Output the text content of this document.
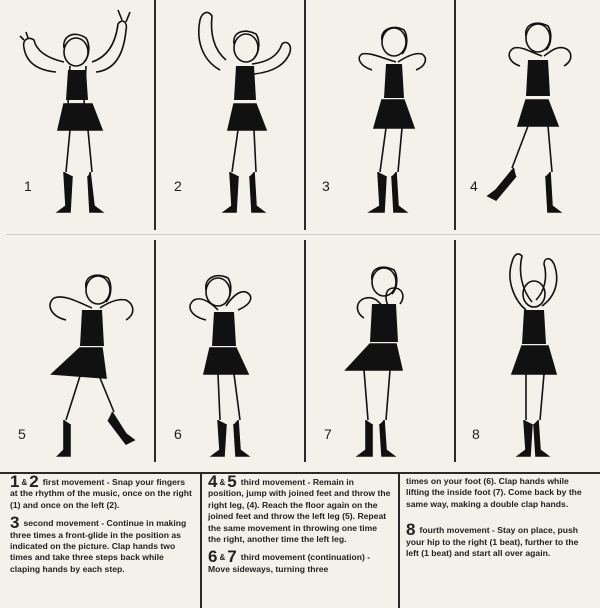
1	2	3	4
5	6	7	8
1 & 2 first movement - Snap your fingers at the rhythm of the music, once on the right (1) and once on the left (2).
3 second movement - Continue in making three times a front-glide in the position as indicated on the picture. Clap hands two times and take three steps back while claping hands by each step.
4 & 5 third movement - Remain in position, jump with joined feet and throw the right leg, (4). Reach the floor again on the joined feet and throw the left leg (5). Repeat the same movement in throwing one time the right, another time the left leg.
6 & 7 third movement (continuation) - Move sideways, turning three
times on your foot (6). Clap hands while lifting the inside foot (7). Come back by the same way, making a double clap hands.
8 fourth movement - Stay on place, push your hip to the right (1 beat), further to the left (1 beat) and start all over again.
